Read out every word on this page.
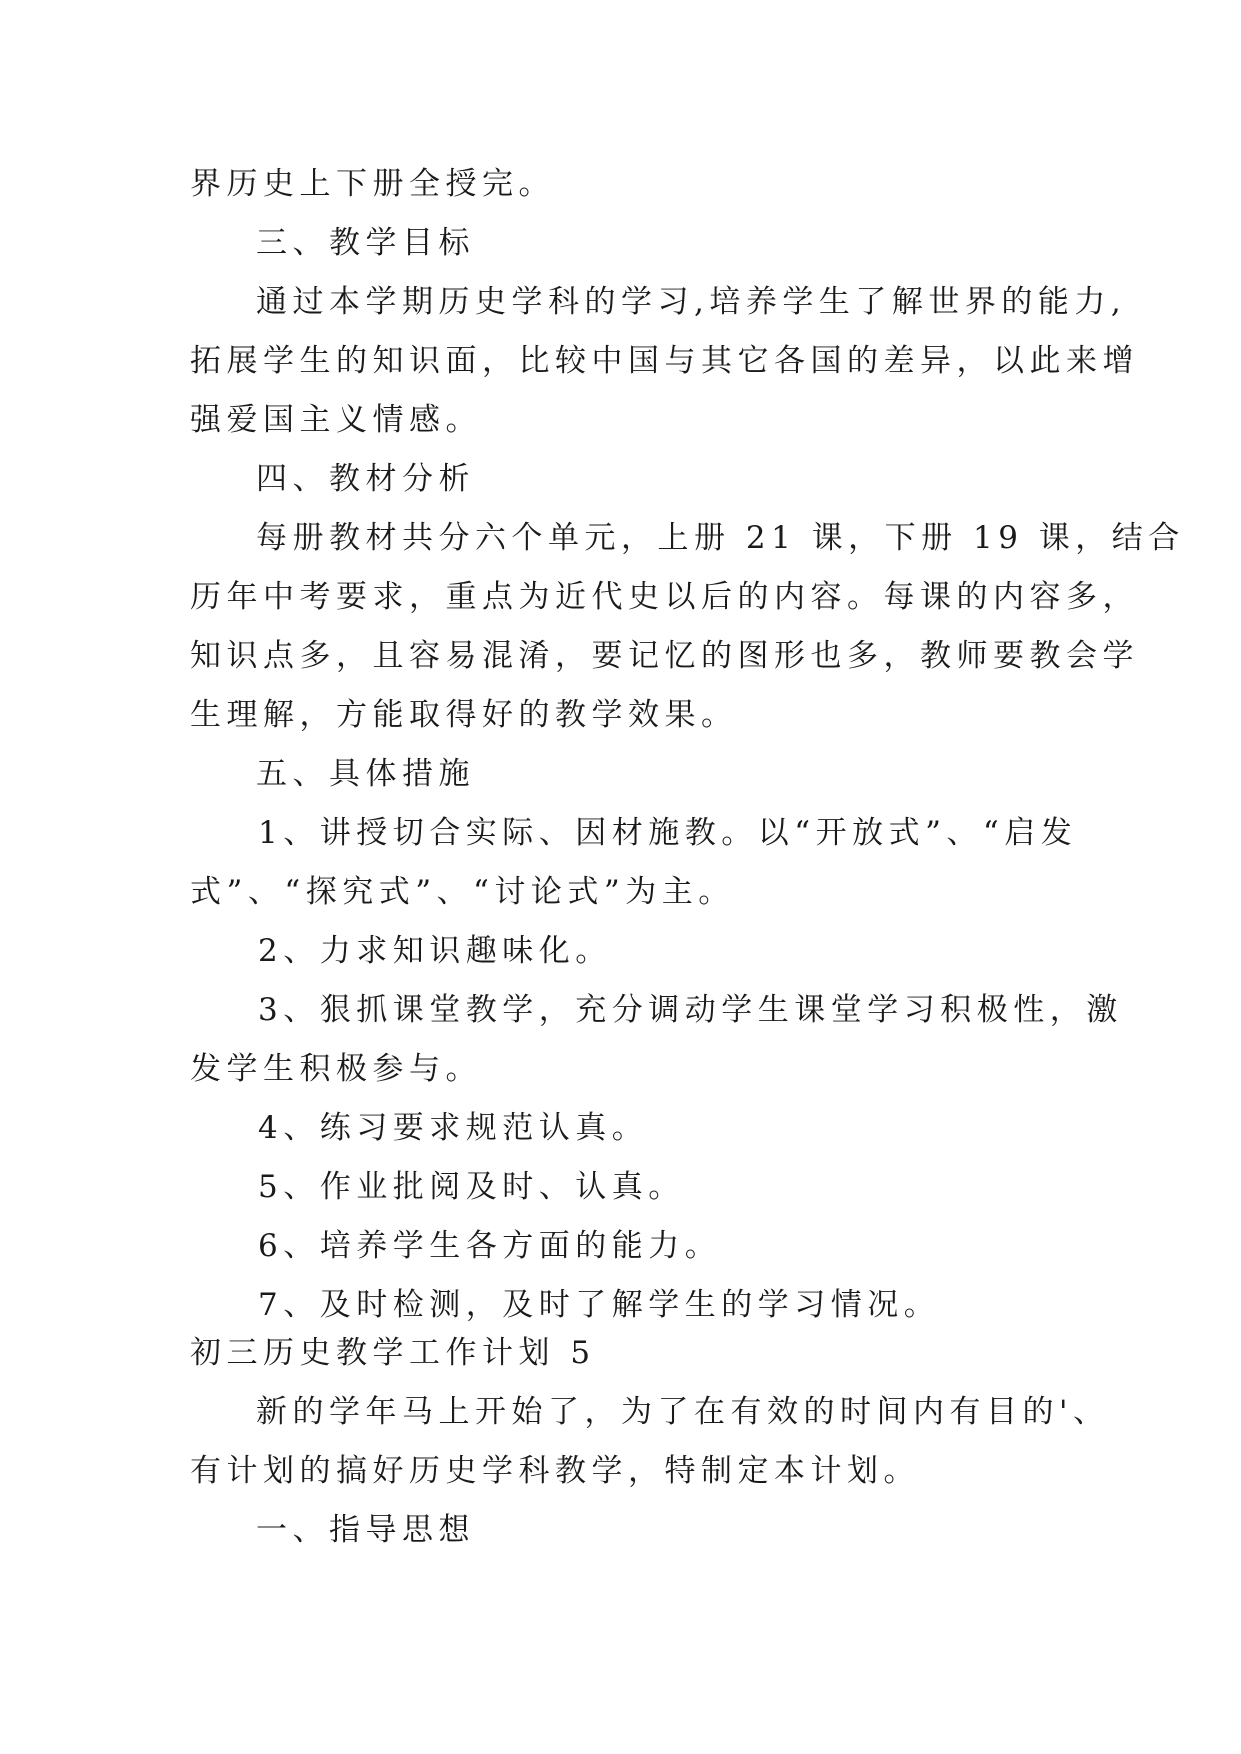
界历史上下册全授完。
三、教学目标
通过本学期历史学科的学习,培养学生了解世界的能力,
拓展学生的知识面，比较中国与其它各国的差异，以此来增
强爱国主义情感。
四、教材分析
每册教材共分六个单元，上册 21 课，下册 19 课，结合
历年中考要求，重点为近代史以后的内容。每课的内容多，
知识点多，且容易混淆，要记忆的图形也多，教师要教会学
生理解，方能取得好的教学效果。
五、具体措施
1、讲授切合实际、因材施教。以“开放式”、“启发
式”、“探究式”、“讨论式”为主。
2、力求知识趣味化。
3、狠抓课堂教学，充分调动学生课堂学习积极性，激
发学生积极参与。
4、练习要求规范认真。
5、作业批阅及时、认真。
6、培养学生各方面的能力。
7、及时检测，及时了解学生的学习情况。
初三历史教学工作计划 5
新的学年马上开始了，为了在有效的时间内有目的'、
有计划的搞好历史学科教学，特制定本计划。
一、指导思想
